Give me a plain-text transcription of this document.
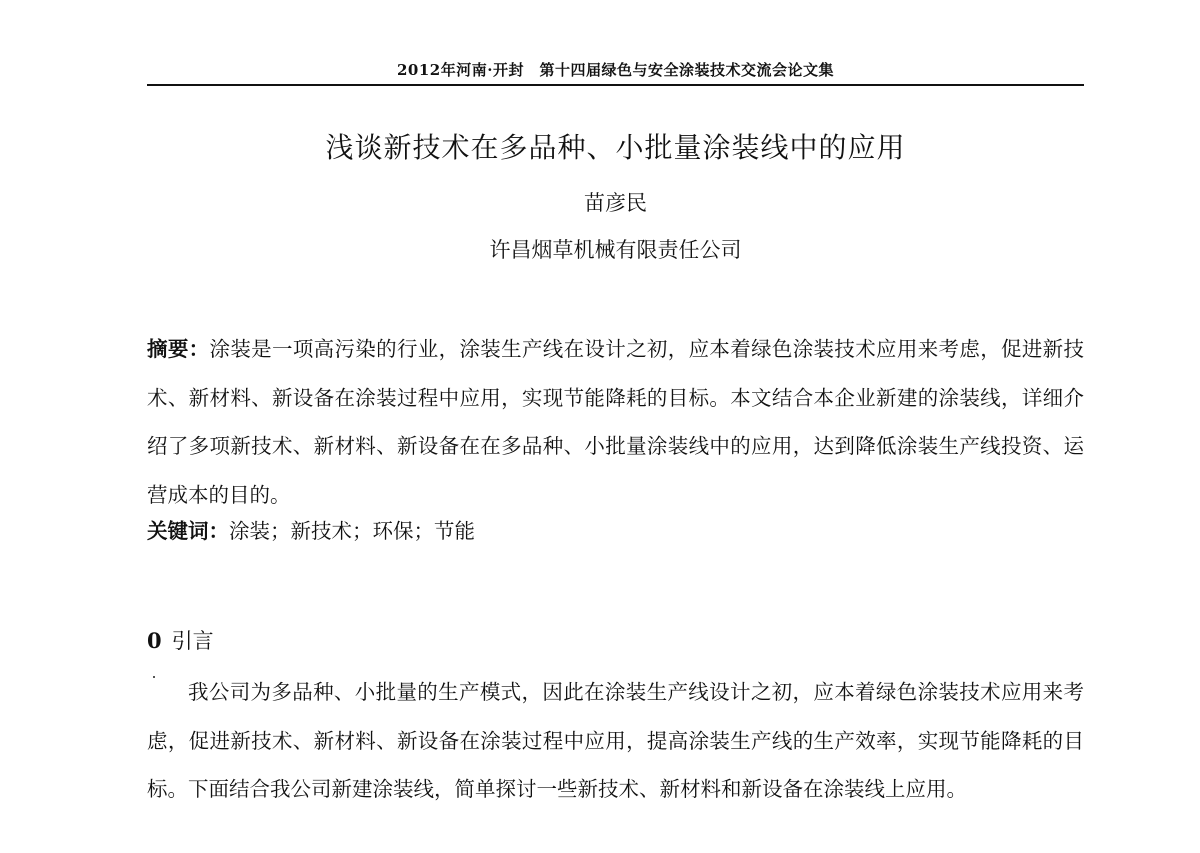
2012年河南·开封　第十四届绿色与安全涂装技术交流会论文集
浅谈新技术在多品种、小批量涂装线中的应用
苗彦民
许昌烟草机械有限责任公司

摘要：涂装是一项高污染的行业，涂装生产线在设计之初，应本着绿色涂装技术应用来考虑，促进新技术、新材料、新设备在涂装过程中应用，实现节能降耗的目标。本文结合本企业新建的涂装线，详细介绍了多项新技术、新材料、新设备在在多品种、小批量涂装线中的应用，达到降低涂装生产线投资、运营成本的目的。

关键词：涂装；新技术；环保；节能

0 引言

我公司为多品种、小批量的生产模式，因此在涂装生产线设计之初，应本着绿色涂装技术应用来考虑，促进新技术、新材料、新设备在涂装过程中应用，提高涂装生产线的生产效率，实现节能降耗的目标。下面结合我公司新建涂装线，简单探讨一些新技术、新材料和新设备在涂装线上应用。
